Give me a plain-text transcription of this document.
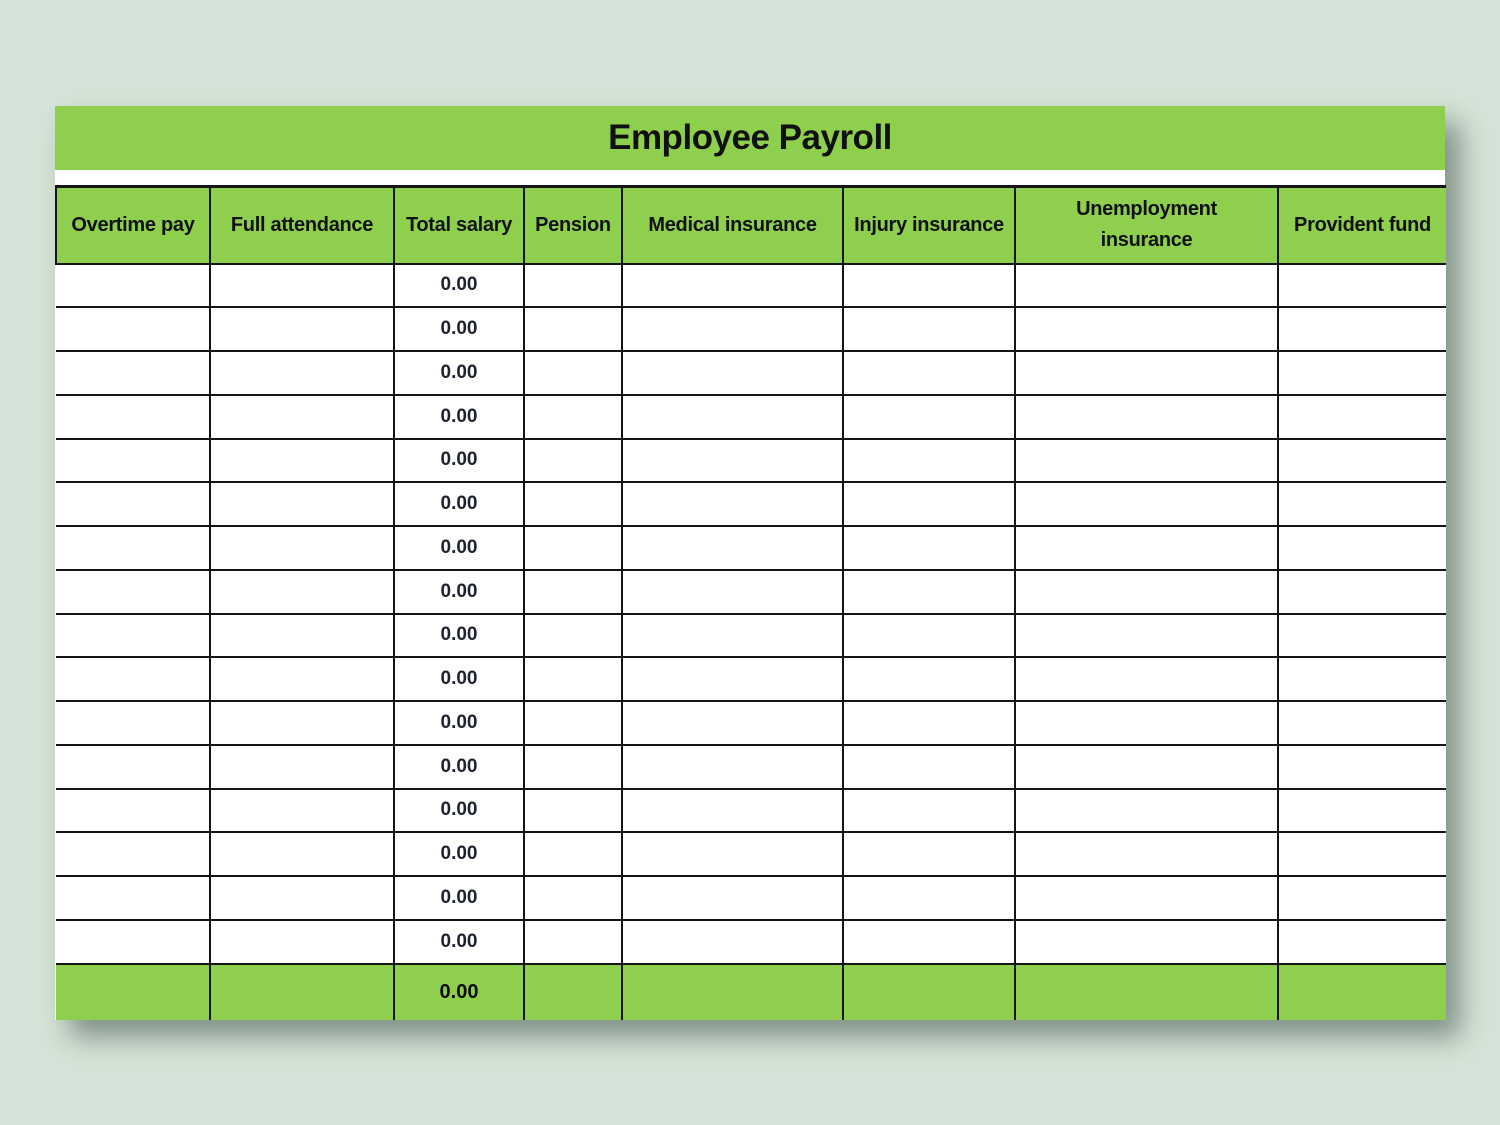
Employee Payroll
Overtime pay	Full attendance	Total salary	Pension	Medical insurance	Injury insurance	Unemployment insurance	Provident fund
		0.00					
		0.00					
		0.00					
		0.00					
		0.00					
		0.00					
		0.00					
		0.00					
		0.00					
		0.00					
		0.00					
		0.00					
		0.00					
		0.00					
		0.00					
		0.00					
		0.00					
